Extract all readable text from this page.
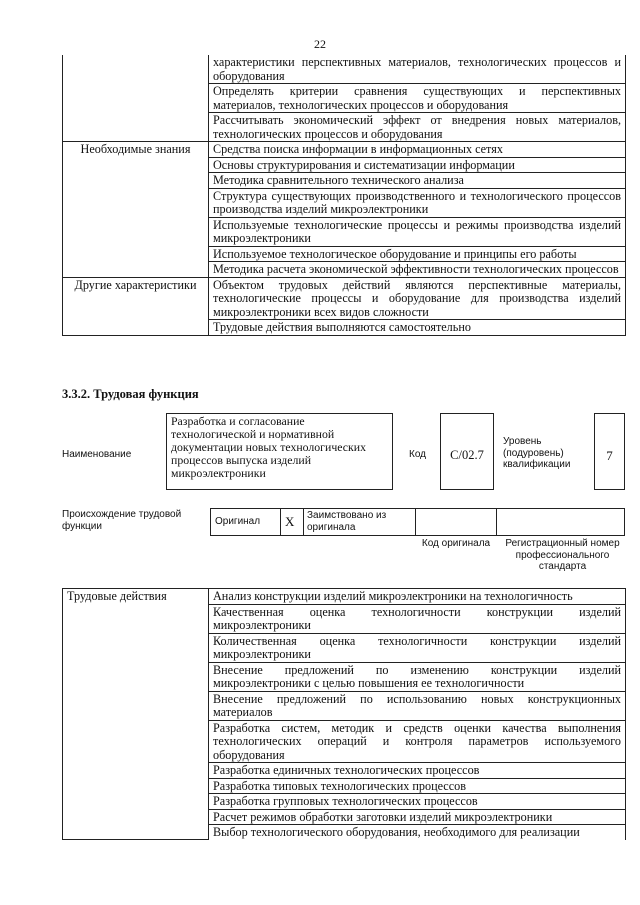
22
	характеристики перспективных материалов, технологических процессов и оборудования
	Определять критерии сравнения существующих и перспективных материалов, технологических процессов и оборудования
	Рассчитывать экономический эффект от внедрения новых материалов, технологических процессов и оборудования
Необходимые знания	Средства поиска информации в информационных сетях
	Основы структурирования и систематизации информации
	Методика сравнительного технического анализа
	Структура существующих производственного и технологического процессов производства изделий микроэлектроники
	Используемые технологические процессы и режимы производства изделий микроэлектроники
	Используемое технологическое оборудование и принципы его работы
	Методика расчета экономической эффективности технологических процессов
Другие характеристики	Объектом трудовых действий являются перспективные материалы, технологические процессы и оборудование для производства изделий микроэлектроники всех видов сложности
	Трудовые действия выполняются самостоятельно
3.3.2. Трудовая функция
Наименование
Разработка и согласование технологической и нормативной документации новых технологических процессов выпуска изделий микроэлектроники
Код	C/02.7
Уровень (подуровень) квалификации
7
Происхождение трудовой функции	Оригинал X Заимствовано из оригинала
Код оригинала	Регистрационный номер профессионального стандарта
Трудовые действия	Анализ конструкции изделий микроэлектроники на технологичность
Качественная оценка технологичности конструкции изделий микроэлектроники
Количественная оценка технологичности конструкции изделий микроэлектроники
Внесение предложений по изменению конструкции изделий микроэлектроники с целью повышения ее технологичности
Внесение предложений по использованию новых конструкционных материалов
Разработка систем, методик и средств оценки качества выполнения технологических операций и контроля параметров используемого оборудования
Разработка единичных технологических процессов
Разработка типовых технологических процессов
Разработка групповых технологических процессов
Расчет режимов обработки заготовки изделий микроэлектроники
Выбор технологического оборудования, необходимого для реализации
